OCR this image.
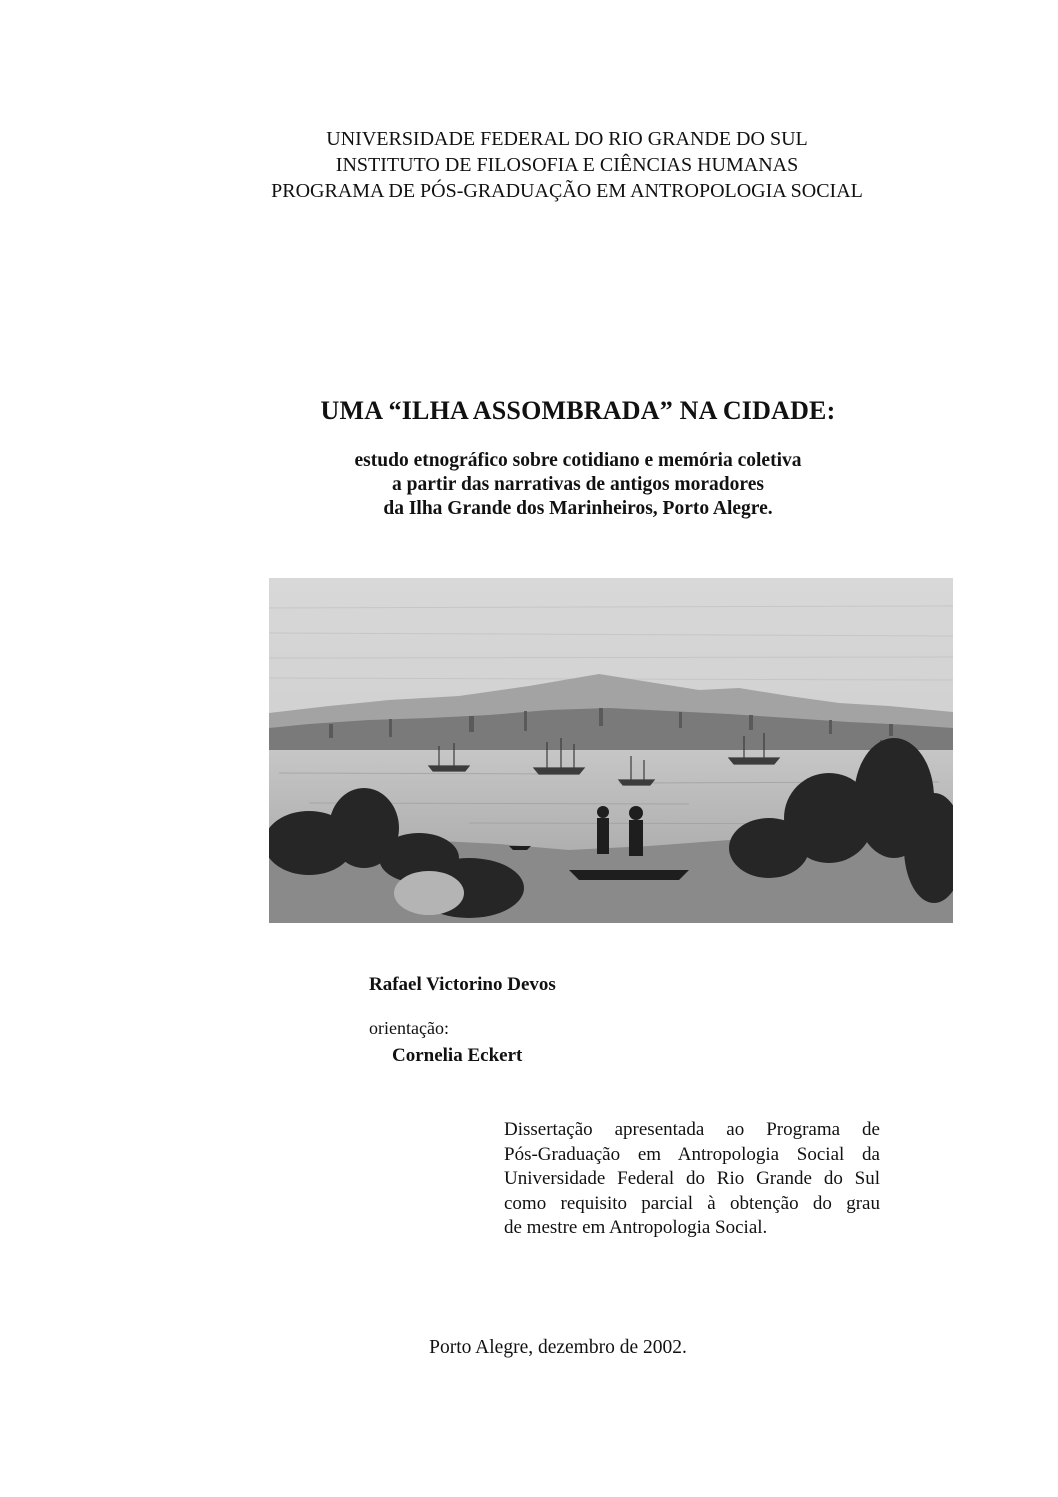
UNIVERSIDADE FEDERAL DO RIO GRANDE DO SUL
INSTITUTO DE FILOSOFIA E CIÊNCIAS HUMANAS
PROGRAMA DE PÓS-GRADUAÇÃO EM ANTROPOLOGIA SOCIAL
UMA “ILHA ASSOMBRADA” NA CIDADE:
estudo etnográfico sobre cotidiano e memória coletiva
a partir das narrativas de antigos moradores
da Ilha Grande dos Marinheiros, Porto Alegre.
Rafael Victorino Devos
orientação:
Cornelia Eckert
Dissertação apresentada ao Programa de
Pós-Graduação em Antropologia Social da
Universidade Federal do Rio Grande do Sul
como requisito parcial à obtenção do grau
de mestre em Antropologia Social.
Porto Alegre, dezembro de 2002.
